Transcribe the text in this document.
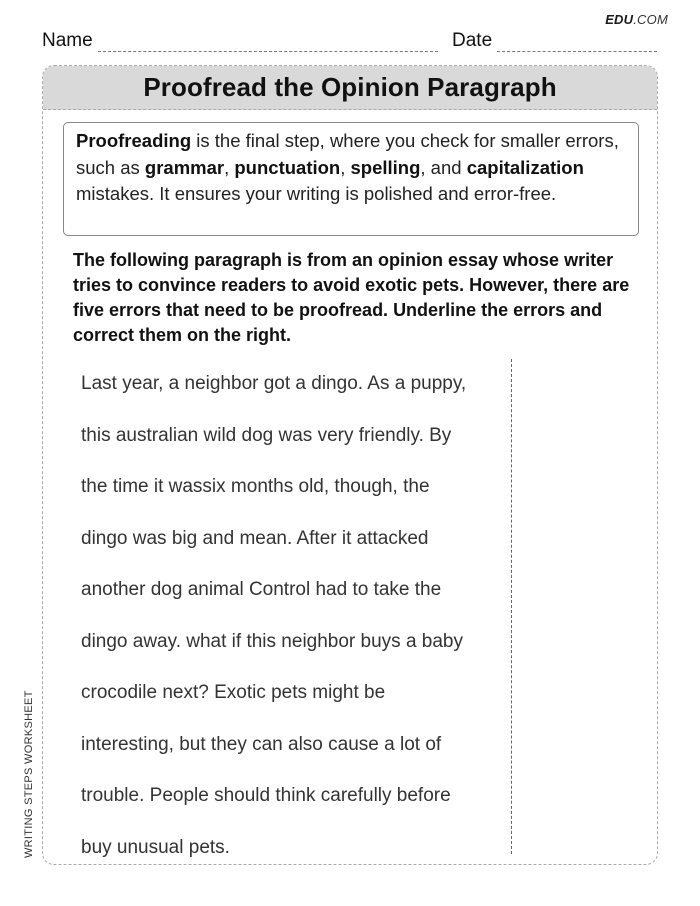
EDU.COM
Name	Date
Proofread the Opinion Paragraph
Proofreading is the final step, where you check for smaller errors, such as grammar, punctuation, spelling, and capitalization mistakes. It ensures your writing is polished and error-free.
The following paragraph is from an opinion essay whose writer tries to convince readers to avoid exotic pets. However, there are five errors that need to be proofread. Underline the errors and correct them on the right.
Last year, a neighbor got a dingo. As a puppy,
this australian wild dog was very friendly. By
the time it wassix months old, though, the
dingo was big and mean. After it attacked
another dog animal Control had to take the
dingo away. what if this neighbor buys a baby
crocodile next? Exotic pets might be
interesting, but they can also cause a lot of
trouble. People should think carefully before
buy unusual pets.
WRITING STEPS WORKSHEET
